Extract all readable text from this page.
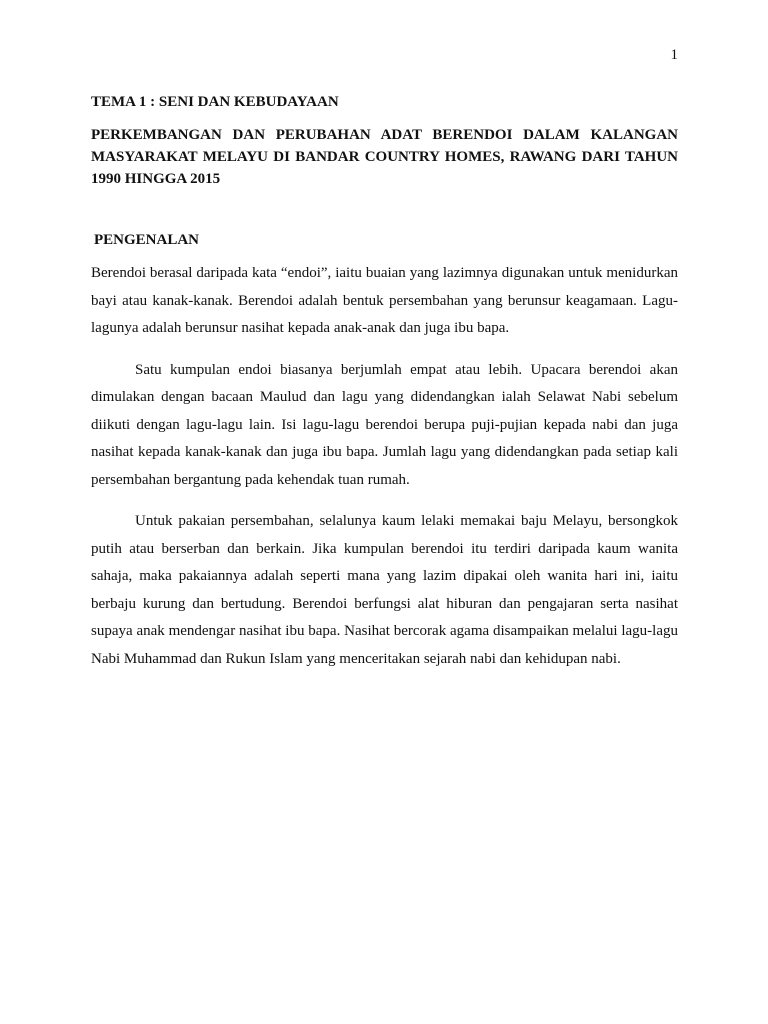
1

TEMA 1 : SENI DAN KEBUDAYAAN

PERKEMBANGAN DAN PERUBAHAN ADAT BERENDOI DALAM KALANGAN MASYARAKAT MELAYU DI BANDAR COUNTRY HOMES, RAWANG DARI TAHUN 1990 HINGGA 2015

PENGENALAN

Berendoi berasal daripada kata “endoi”, iaitu buaian yang lazimnya digunakan untuk menidurkan bayi atau kanak-kanak. Berendoi adalah bentuk persembahan yang berunsur keagamaan. Lagu-lagunya adalah berunsur nasihat kepada anak-anak dan juga ibu bapa.

Satu kumpulan endoi biasanya berjumlah empat atau lebih. Upacara berendoi akan dimulakan dengan bacaan Maulud dan lagu yang didendangkan ialah Selawat Nabi sebelum diikuti dengan lagu-lagu lain. Isi lagu-lagu berendoi berupa puji-pujian kepada nabi dan juga nasihat kepada kanak-kanak dan juga ibu bapa. Jumlah lagu yang didendangkan pada setiap kali persembahan bergantung pada kehendak tuan rumah.

Untuk pakaian persembahan, selalunya kaum lelaki memakai baju Melayu, bersongkok putih atau berserban dan berkain. Jika kumpulan berendoi itu terdiri daripada kaum wanita sahaja, maka pakaiannya adalah seperti mana yang lazim dipakai oleh wanita hari ini, iaitu berbaju kurung dan bertudung. Berendoi berfungsi alat hiburan dan pengajaran serta nasihat supaya anak mendengar nasihat ibu bapa. Nasihat bercorak agama disampaikan melalui lagu-lagu Nabi Muhammad dan Rukun Islam yang menceritakan sejarah nabi dan kehidupan nabi.
